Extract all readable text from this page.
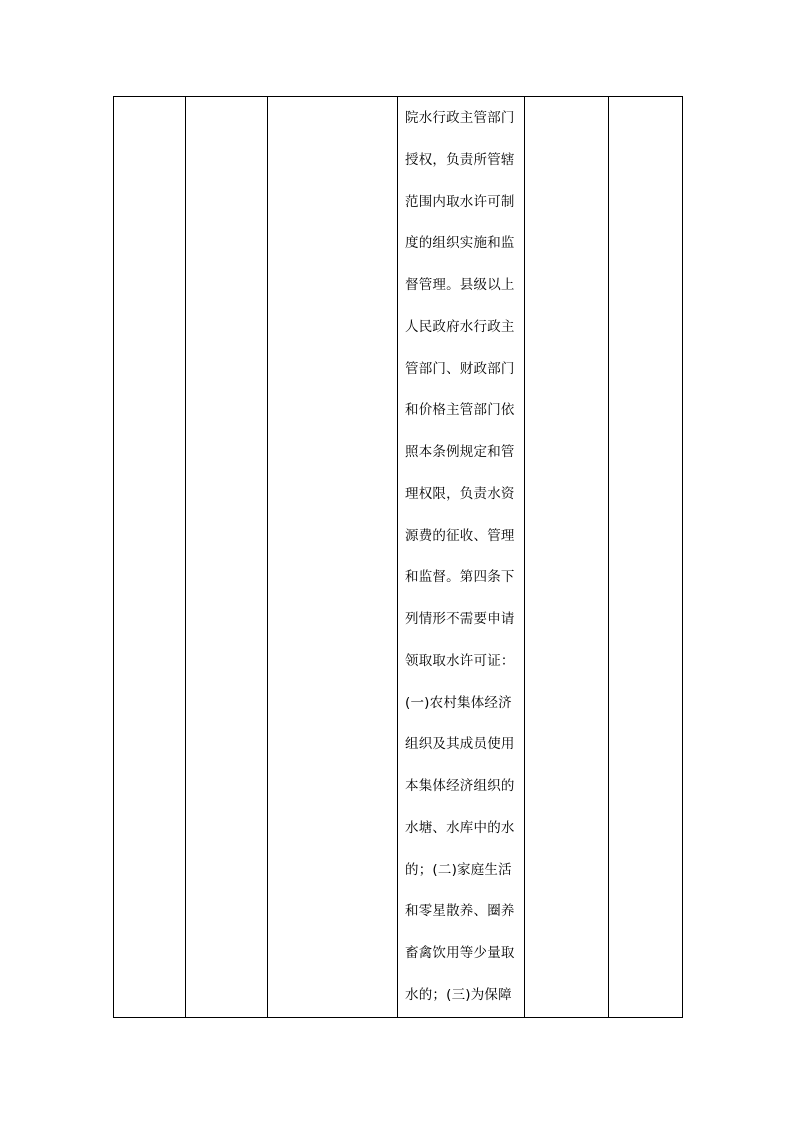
院水行政主管部门
授权，负责所管辖
范围内取水许可制
度的组织实施和监
督管理。县级以上
人民政府水行政主
管部门、财政部门
和价格主管部门依
照本条例规定和管
理权限，负责水资
源费的征收、管理
和监督。第四条下
列情形不需要申请
领取取水许可证：
(一)农村集体经济
组织及其成员使用
本集体经济组织的
水塘、水库中的水
的；(二)家庭生活
和零星散养、圈养
畜禽饮用等少量取
水的；(三)为保障
